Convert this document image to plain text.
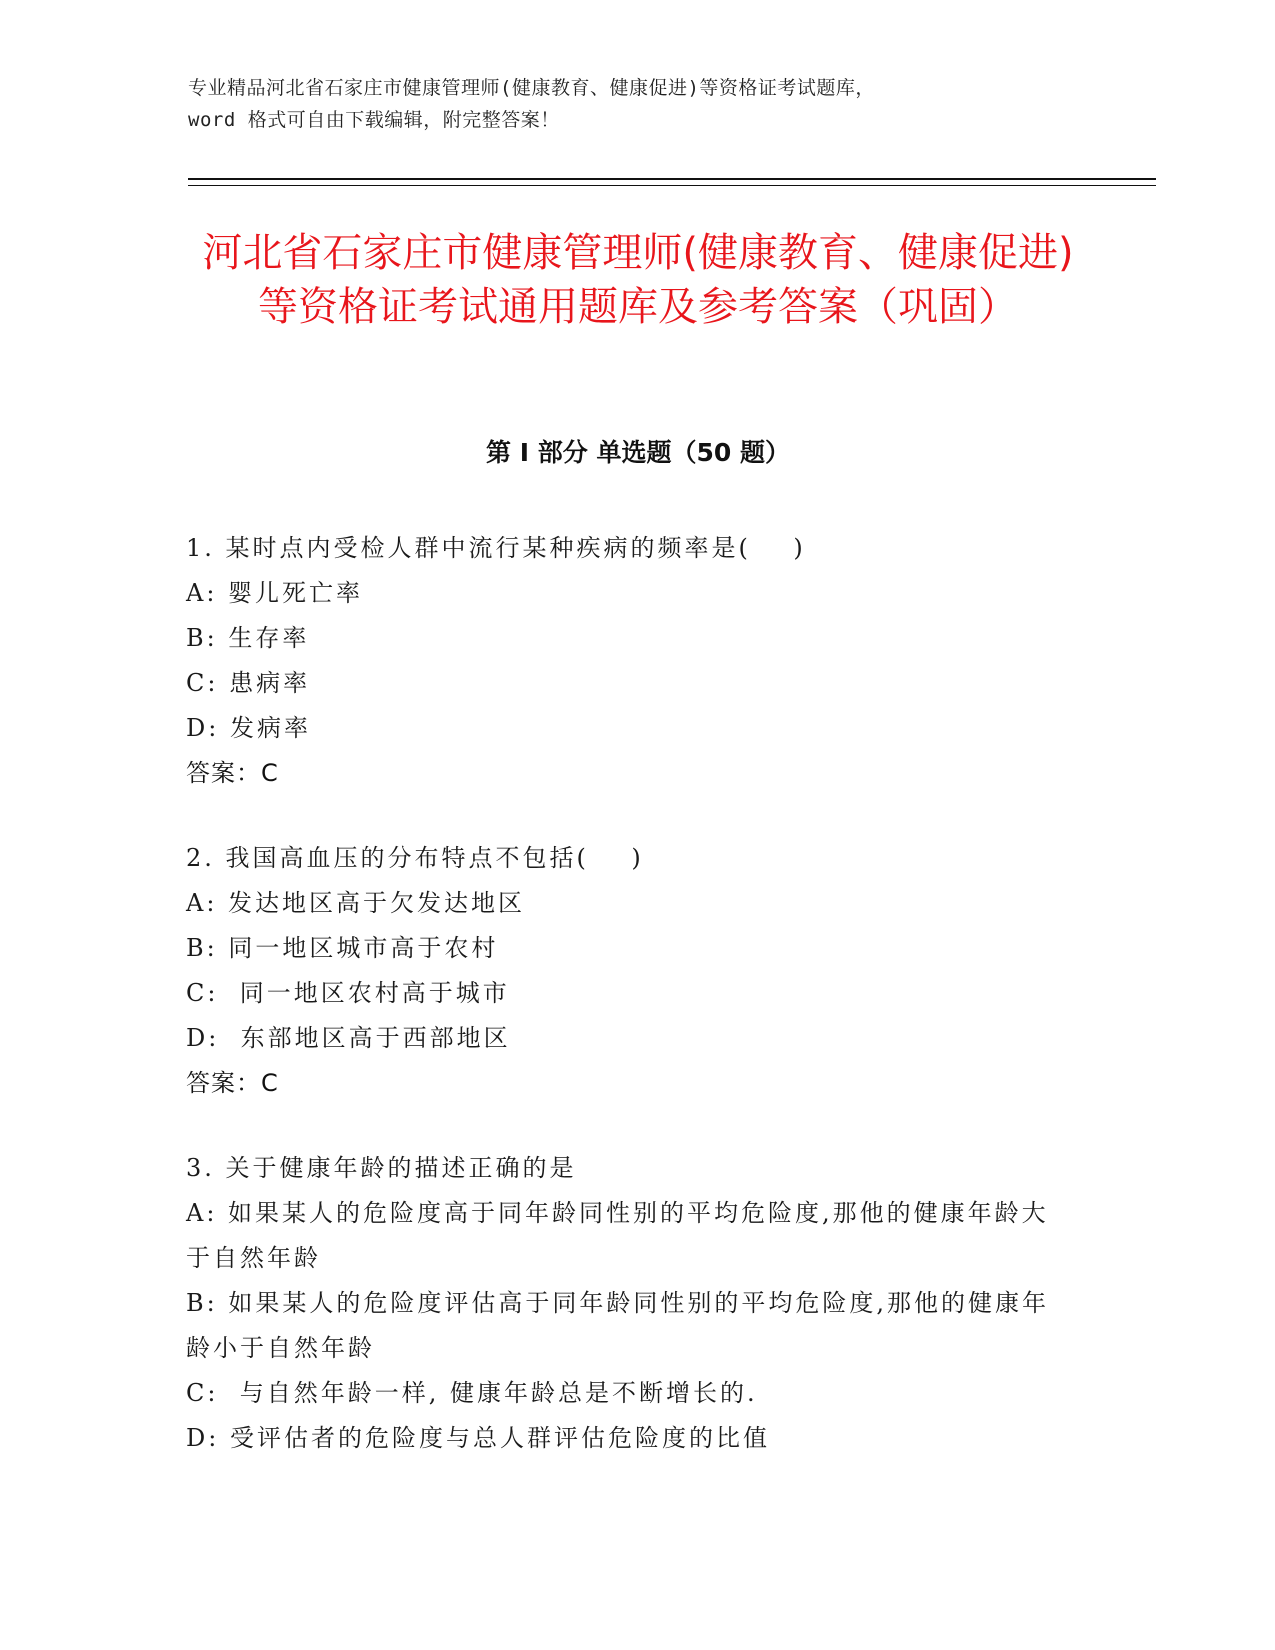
专业精品河北省石家庄市健康管理师(健康教育、健康促进)等资格证考试题库，
word 格式可自由下载编辑，附完整答案！
河北省石家庄市健康管理师(健康教育、健康促进)等资格证考试通用题库及参考答案（巩固）
第 I 部分 单选题（50 题）
1. 某时点内受检人群中流行某种疾病的频率是(    )
A: 婴儿死亡率
B: 生存率
C: 患病率
D: 发病率
答案：C
2. 我国高血压的分布特点不包括(    )
A: 发达地区高于欠发达地区
B: 同一地区城市高于农村
C:  同一地区农村高于城市
D:  东部地区高于西部地区
答案：C
3. 关于健康年龄的描述正确的是
A: 如果某人的危险度高于同年龄同性别的平均危险度,那他的健康年龄大于自然年龄
B: 如果某人的危险度评估高于同年龄同性别的平均危险度,那他的健康年龄小于自然年龄
C:  与自然年龄一样, 健康年龄总是不断增长的.
D: 受评估者的危险度与总人群评估危险度的比值
